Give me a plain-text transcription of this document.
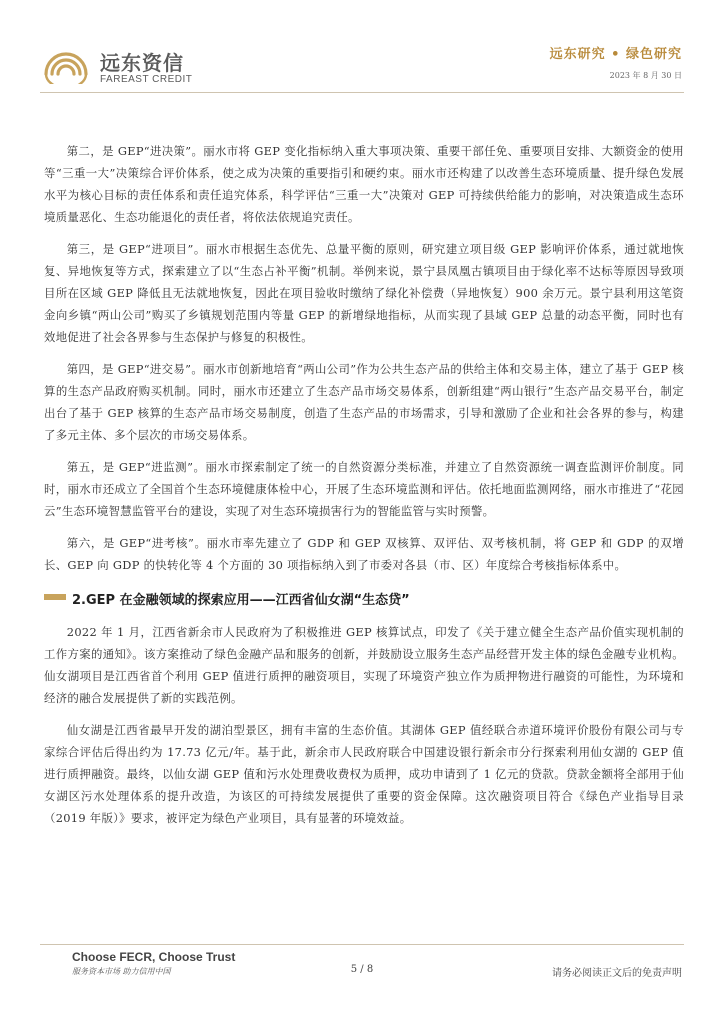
远东资信
FAREAST CREDIT
远东研究 • 绿色研究
2023 年 8 月 30 日

第二，是 GEP“进决策”。丽水市将 GEP 变化指标纳入重大事项决策、重要干部任免、重要项目安排、大额资金的使用等“三重一大”决策综合评价体系，使之成为决策的重要指引和硬约束。丽水市还构建了以改善生态环境质量、提升绿色发展水平为核心目标的责任体系和责任追究体系，科学评估“三重一大”决策对 GEP 可持续供给能力的影响，对决策造成生态环境质量恶化、生态功能退化的责任者，将依法依规追究责任。

第三，是 GEP“进项目”。丽水市根据生态优先、总量平衡的原则，研究建立项目级 GEP 影响评价体系，通过就地恢复、异地恢复等方式，探索建立了以“生态占补平衡”机制。举例来说，景宁县凤凰古镇项目由于绿化率不达标等原因导致项目所在区域 GEP 降低且无法就地恢复，因此在项目验收时缴纳了绿化补偿费（异地恢复）900 余万元。景宁县利用这笔资金向乡镇“两山公司”购买了乡镇规划范围内等量 GEP 的新增绿地指标，从而实现了县域 GEP 总量的动态平衡，同时也有效地促进了社会各界参与生态保护与修复的积极性。

第四，是 GEP“进交易”。丽水市创新地培育“两山公司”作为公共生态产品的供给主体和交易主体，建立了基于 GEP 核算的生态产品政府购买机制。同时，丽水市还建立了生态产品市场交易体系，创新组建“两山银行”生态产品交易平台，制定出台了基于 GEP 核算的生态产品市场交易制度，创造了生态产品的市场需求，引导和激励了企业和社会各界的参与，构建了多元主体、多个层次的市场交易体系。

第五，是 GEP“进监测”。丽水市探索制定了统一的自然资源分类标准，并建立了自然资源统一调查监测评价制度。同时，丽水市还成立了全国首个生态环境健康体检中心，开展了生态环境监测和评估。依托地面监测网络，丽水市推进了“花园云”生态环境智慧监管平台的建设，实现了对生态环境损害行为的智能监管与实时预警。

第六，是 GEP“进考核”。丽水市率先建立了 GDP 和 GEP 双核算、双评估、双考核机制，将 GEP 和 GDP 的双增长、GEP 向 GDP 的快转化等 4 个方面的 30 项指标纳入到了市委对各县（市、区）年度综合考核指标体系中。

2.GEP 在金融领域的探索应用——江西省仙女湖“生态贷”

2022 年 1 月，江西省新余市人民政府为了积极推进 GEP 核算试点，印发了《关于建立健全生态产品价值实现机制的工作方案的通知》。该方案推动了绿色金融产品和服务的创新，并鼓励设立服务生态产品经营开发主体的绿色金融专业机构。仙女湖项目是江西省首个利用 GEP 值进行质押的融资项目，实现了环境资产独立作为质押物进行融资的可能性，为环境和经济的融合发展提供了新的实践范例。

仙女湖是江西省最早开发的湖泊型景区，拥有丰富的生态价值。其湖体 GEP 值经联合赤道环境评价股份有限公司与专家综合评估后得出约为 17.73 亿元/年。基于此，新余市人民政府联合中国建设银行新余市分行探索利用仙女湖的 GEP 值进行质押融资。最终，以仙女湖 GEP 值和污水处理费收费权为质押，成功申请到了 1 亿元的贷款。贷款金额将全部用于仙女湖区污水处理体系的提升改造，为该区的可持续发展提供了重要的资金保障。这次融资项目符合《绿色产业指导目录（2019 年版）》要求，被评定为绿色产业项目，具有显著的环境效益。

Choose FECR, Choose Trust
服务资本市场 助力信用中国	5 / 8	请务必阅读正文后的免责声明
